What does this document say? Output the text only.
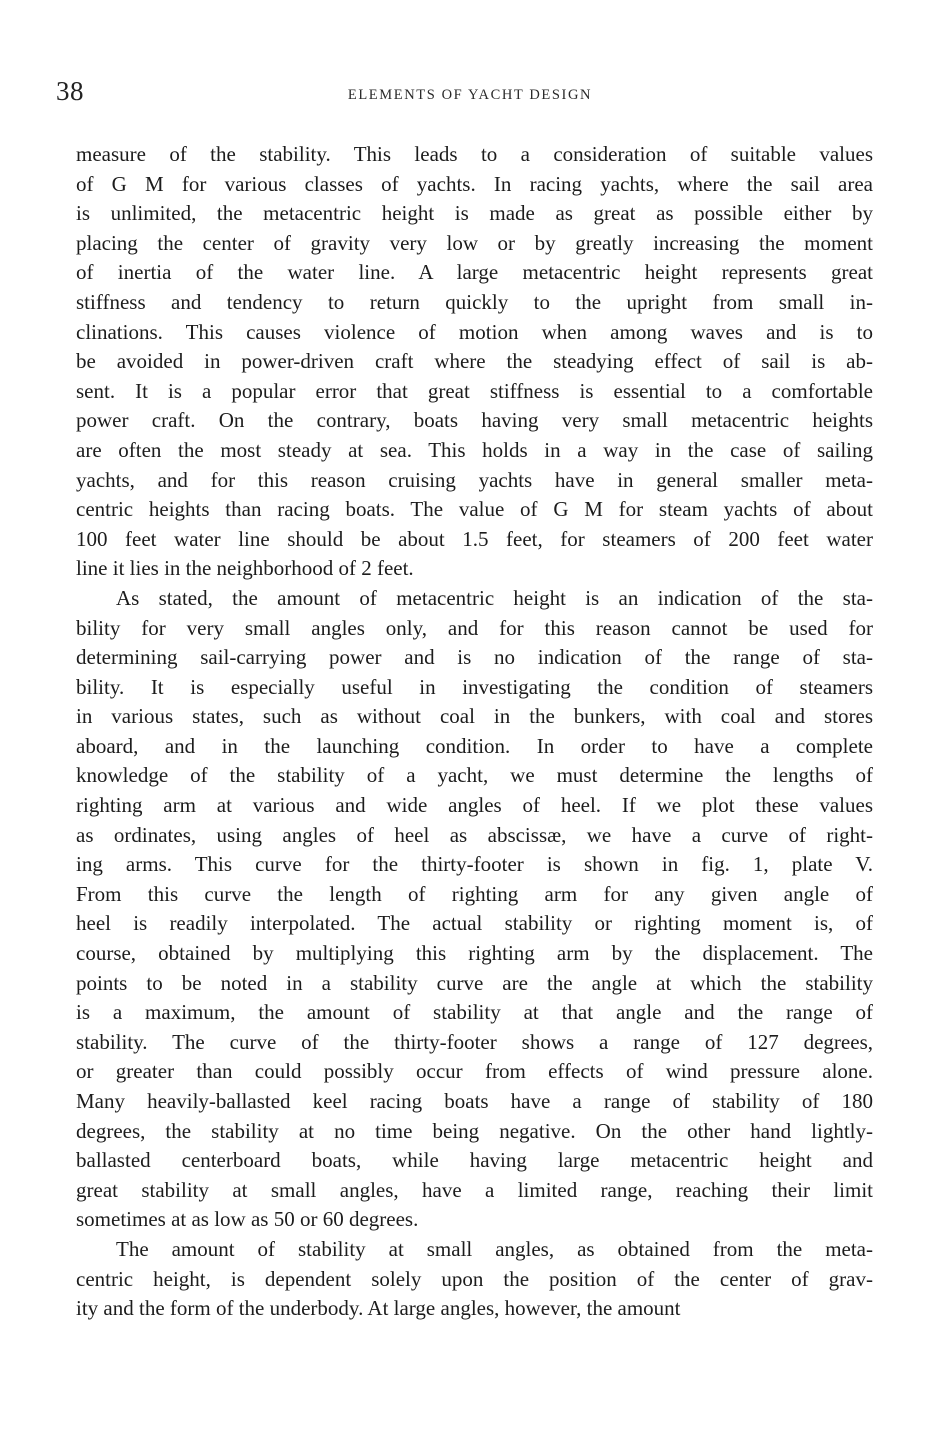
38	ELEMENTS OF YACHT DESIGN
measure of the stability. This leads to a consideration of suitable values
of G M for various classes of yachts. In racing yachts, where the sail area
is unlimited, the metacentric height is made as great as possible either by
placing the center of gravity very low or by greatly increasing the moment
of inertia of the water line. A large metacentric height represents great
stiffness and tendency to return quickly to the upright from small in-
clinations. This causes violence of motion when among waves and is to
be avoided in power-driven craft where the steadying effect of sail is ab-
sent. It is a popular error that great stiffness is essential to a comfortable
power craft. On the contrary, boats having very small metacentric heights
are often the most steady at sea. This holds in a way in the case of sailing
yachts, and for this reason cruising yachts have in general smaller meta-
centric heights than racing boats. The value of G M for steam yachts of about
100 feet water line should be about 1.5 feet, for steamers of 200 feet water
line it lies in the neighborhood of 2 feet.
As stated, the amount of metacentric height is an indication of the sta-
bility for very small angles only, and for this reason cannot be used for
determining sail-carrying power and is no indication of the range of sta-
bility. It is especially useful in investigating the condition of steamers
in various states, such as without coal in the bunkers, with coal and stores
aboard, and in the launching condition. In order to have a complete
knowledge of the stability of a yacht, we must determine the lengths of
righting arm at various and wide angles of heel. If we plot these values
as ordinates, using angles of heel as abscissæ, we have a curve of right-
ing arms. This curve for the thirty-footer is shown in fig. 1, plate V.
From this curve the length of righting arm for any given angle of
heel is readily interpolated. The actual stability or righting moment is, of
course, obtained by multiplying this righting arm by the displacement. The
points to be noted in a stability curve are the angle at which the stability
is a maximum, the amount of stability at that angle and the range of
stability. The curve of the thirty-footer shows a range of 127 degrees,
or greater than could possibly occur from effects of wind pressure alone.
Many heavily-ballasted keel racing boats have a range of stability of 180
degrees, the stability at no time being negative. On the other hand lightly-
ballasted centerboard boats, while having large metacentric height and
great stability at small angles, have a limited range, reaching their limit
sometimes at as low as 50 or 60 degrees.
The amount of stability at small angles, as obtained from the meta-
centric height, is dependent solely upon the position of the center of grav-
ity and the form of the underbody. At large angles, however, the amount
